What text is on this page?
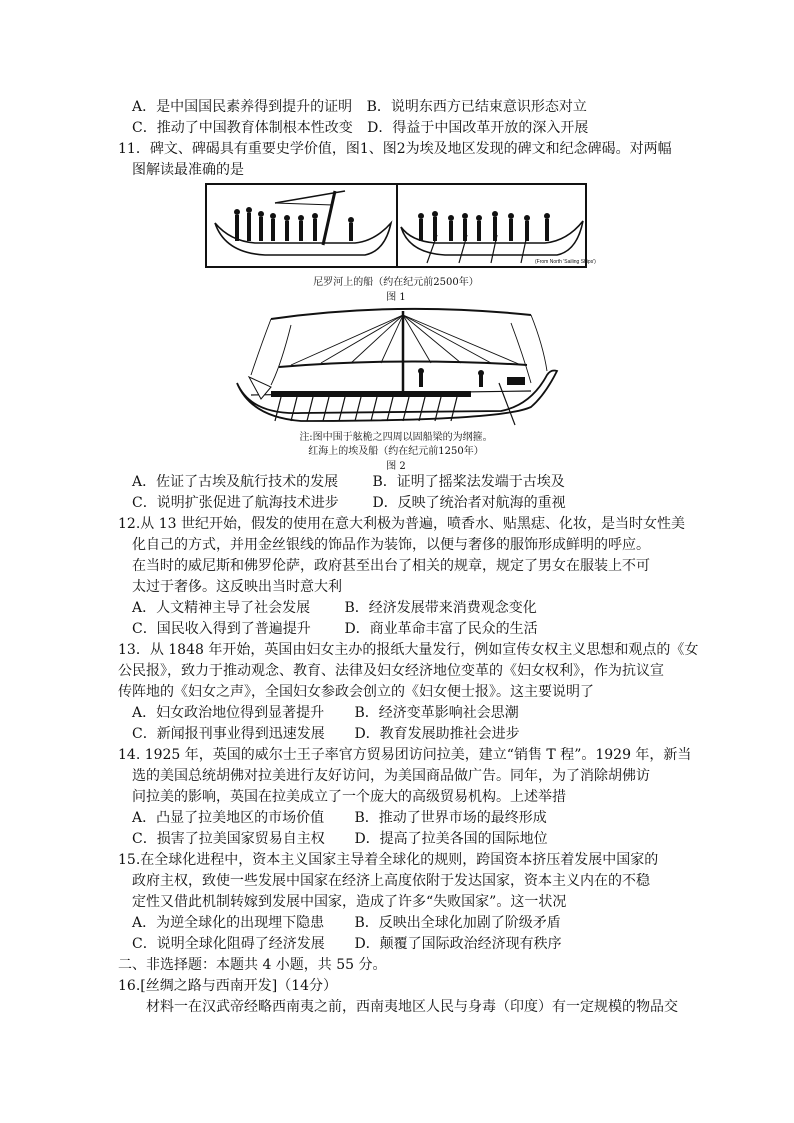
A．是中国国民素养得到提升的证明 B．说明东西方已结束意识形态对立
C．推动了中国教育体制根本性改变 D．得益于中国改革开放的深入开展
11．碑文、碑碣具有重要史学价值，图1、图2为埃及地区发现的碑文和纪念碑碣。对两幅
图解读最准确的是
(From North 'Sailing Ships')
尼罗河上的船（约在纪元前2500年）
图 1
注:图中围于舷桅之四周以固船梁的为纲箍。
红海上的埃及船（约在纪元前1250年）
图 2
A．佐证了古埃及航行技术的发展 B．证明了摇桨法发端于古埃及
C．说明扩张促进了航海技术进步 D．反映了统治者对航海的重视
12.从 13 世纪开始，假发的使用在意大利极为普遍，喷香水、贴黑痣、化妆，是当时女性美
化自己的方式，并用金丝银线的饰品作为装饰，以便与奢侈的服饰形成鲜明的呼应。
在当时的威尼斯和佛罗伦萨，政府甚至出台了相关的规章，规定了男女在服装上不可
太过于奢侈。这反映出当时意大利
A．人文精神主导了社会发展 B．经济发展带来消费观念变化
C．国民收入得到了普遍提升 D．商业革命丰富了民众的生活
13．从 1848 年开始，英国由妇女主办的报纸大量发行，例如宣传女权主义思想和观点的《女
公民报》，致力于推动观念、教育、法律及妇女经济地位变革的《妇女权利》，作为抗议宣
传阵地的《妇女之声》，全国妇女参政会创立的《妇女便士报》。这主要说明了
A．妇女政治地位得到显著提升 B．经济变革影响社会思潮
C．新闻报刊事业得到迅速发展 D．教育发展助推社会进步
14. 1925 年，英国的威尔士王子率官方贸易团访问拉美，建立“销售 T 程”。1929 年，新当
选的美国总统胡佛对拉美进行友好访问，为美国商品做广告。同年，为了消除胡佛访
问拉美的影响，英国在拉美成立了一个庞大的高级贸易机构。上述举措
A．凸显了拉美地区的市场价值 B．推动了世界市场的最终形成
C．损害了拉美国家贸易自主权 D．提高了拉美各国的国际地位
15.在全球化进程中，资本主义国家主导着全球化的规则，跨国资本挤压着发展中国家的
政府主权，致使一些发展中国家在经济上高度依附于发达国家，资本主义内在的不稳
定性又借此机制转嫁到发展中国家，造成了许多“失败国家”。这一状况
A．为逆全球化的出现埋下隐患 B．反映出全球化加剧了阶级矛盾
C．说明全球化阻碍了经济发展 D．颠覆了国际政治经济现有秩序
二、非选择题：本题共 4 小题，共 55 分。
16.[丝绸之路与西南开发]（14分）
材料一在汉武帝经略西南夷之前，西南夷地区人民与身毒（印度）有一定规模的物品交
